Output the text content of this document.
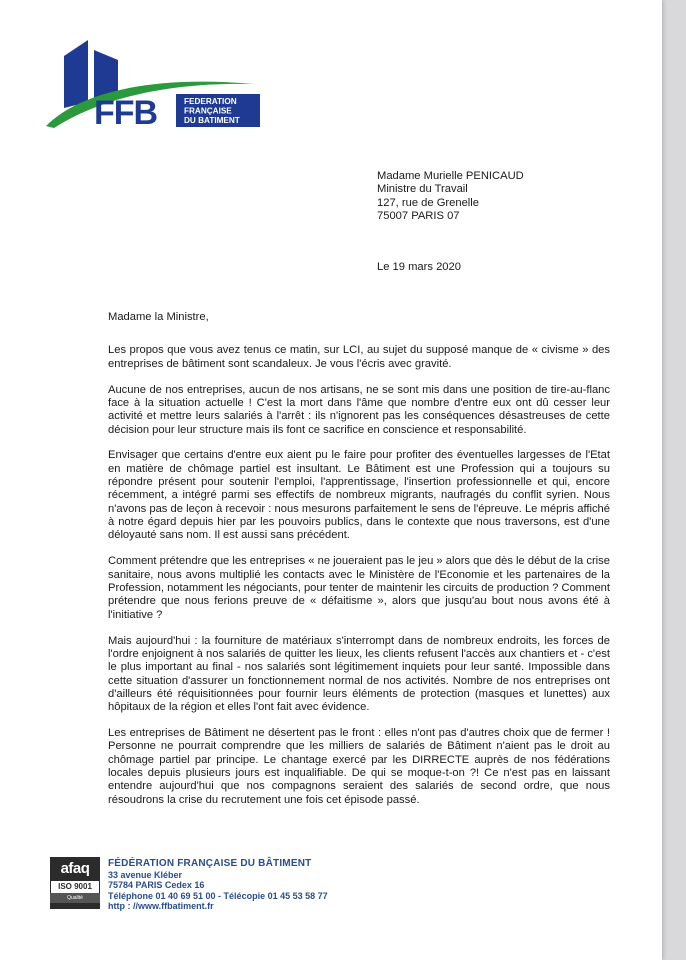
FFB	FEDERATION
FRANÇAISE
DU BATIMENT
Madame Murielle PENICAUD
Ministre du Travail
127, rue de Grenelle
75007 PARIS 07
Le 19 mars 2020
Madame la Ministre,

Les propos que vous avez tenus ce matin, sur LCI, au sujet du supposé manque de « civisme » des entreprises de bâtiment sont scandaleux. Je vous l'écris avec gravité.

Aucune de nos entreprises, aucun de nos artisans, ne se sont mis dans une position de tire-au-flanc face à la situation actuelle ! C'est la mort dans l'âme que nombre d'entre eux ont dû cesser leur activité et mettre leurs salariés à l'arrêt : ils n'ignorent pas les conséquences désastreuses de cette décision pour leur structure mais ils font ce sacrifice en conscience et responsabilité.

Envisager que certains d'entre eux aient pu le faire pour profiter des éventuelles largesses de l'Etat en matière de chômage partiel est insultant. Le Bâtiment est une Profession qui a toujours su répondre présent pour soutenir l'emploi, l'apprentissage, l'insertion professionnelle et qui, encore récemment, a intégré parmi ses effectifs de nombreux migrants, naufragés du conflit syrien. Nous n'avons pas de leçon à recevoir : nous mesurons parfaitement le sens de l'épreuve. Le mépris affiché à notre égard depuis hier par les pouvoirs publics, dans le contexte que nous traversons, est d'une déloyauté sans nom. Il est aussi sans précédent.

Comment prétendre que les entreprises « ne joueraient pas le jeu » alors que dès le début de la crise sanitaire, nous avons multiplié les contacts avec le Ministère de l'Economie et les partenaires de la Profession, notamment les négociants, pour tenter de maintenir les circuits de production ? Comment prétendre que nous ferions preuve de « défaitisme », alors que jusqu'au bout nous avons été à l'initiative ?

Mais aujourd'hui : la fourniture de matériaux s'interrompt dans de nombreux endroits, les forces de l'ordre enjoignent à nos salariés de quitter les lieux, les clients refusent l'accès aux chantiers et - c'est le plus important au final - nos salariés sont légitimement inquiets pour leur santé. Impossible dans cette situation d'assurer un fonctionnement normal de nos activités. Nombre de nos entreprises ont d'ailleurs été réquisitionnées pour fournir leurs éléments de protection (masques et lunettes) aux hôpitaux de la région et elles l'ont fait avec évidence.

Les entreprises de Bâtiment ne désertent pas le front : elles n'ont pas d'autres choix que de fermer ! Personne ne pourrait comprendre que les milliers de salariés de Bâtiment n'aient pas le droit au chômage partiel par principe. Le chantage exercé par les DIRRECTE auprès de nos fédérations locales depuis plusieurs jours est inqualifiable. De qui se moque-t-on ?! Ce n'est pas en laissant entendre aujourd'hui que nos compagnons seraient des salariés de second ordre, que nous résoudrons la crise du recrutement une fois cet épisode passé.

afaq
ISO 9001
Qualité
FÉDÉRATION FRANÇAISE DU BÂTIMENT
33 avenue Kléber
75784 PARIS Cedex 16
Téléphone 01 40 69 51 00 - Télécopie 01 45 53 58 77
http : //www.ffbatiment.fr
